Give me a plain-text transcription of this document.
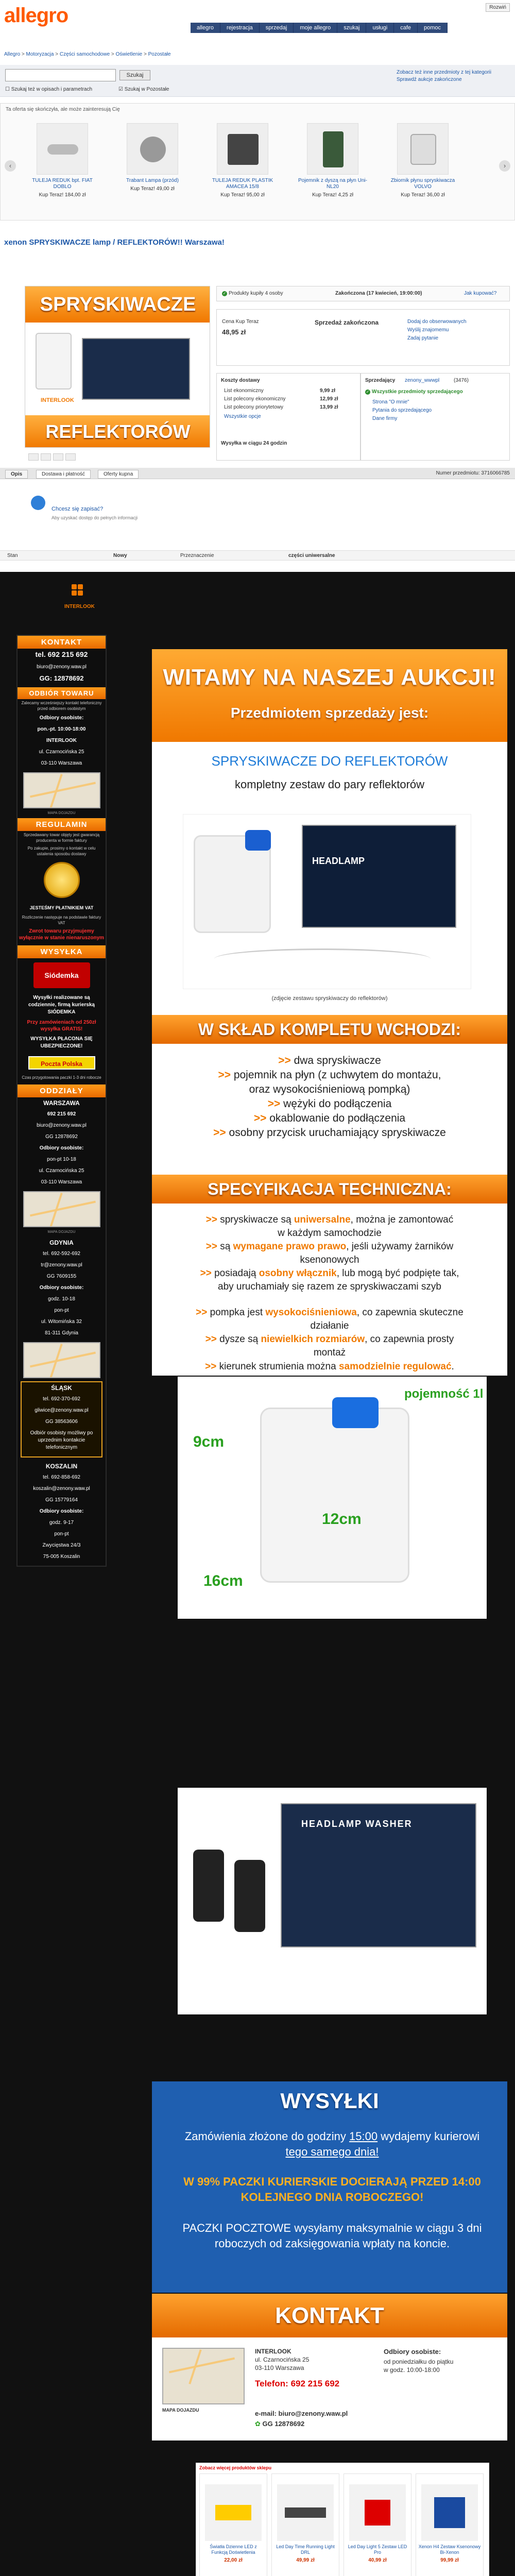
allegro	Rozwiń
allegro	rejestracja	sprzedaj	moje allegro	szukaj	usługi	cafe	pomoc
Allegro > Motoryzacja > Części samochodowe > Oświetlenie > Pozostałe
Szukaj
☐ Szukaj też w opisach i parametrach	☑ Szukaj w Pozostałe
Zobacz też inne przedmioty z tej kategorii
Sprawdź aukcje zakończone
Ta oferta się skończyła, ale może zainteresują Cię
‹	›
TULEJA REDUK bpt. FIAT DOBLO
Kup Teraz! 184,00 zł
Trabant Lampa (przód)
Kup Teraz! 49,00 zł
TULEJA REDUK PLASTIK AMACEA 15/8
Kup Teraz! 95,00 zł
Pojemnik z dyszą na płyn Uni-NL20
Kup Teraz! 4,25 zł
Zbiornik płynu spryskiwacza VOLVO
Kup Teraz! 36,00 zł
xenon SPRYSKIWACZE lamp / REFLEKTORÓW!! Warszawa!
SPRYSKIWACZE
INTERLOOK
REFLEKTORÓW
✓ Produkty kupiły 4 osoby	Zakończona (17 kwiecień, 19:00:00)	Jak kupować?
Cena Kup Teraz
48,95 zł
Sprzedaż zakończona	Dodaj do obserwowanych
Wyślij znajomemu
Zadaj pytanie
Koszty dostawy
List ekonomiczny	9,99 zł
List polecony ekonomiczny	12,99 zł
List polecony priorytetowy	13,99 zł
Wszystkie opcje
Wysyłka w ciągu 24 godzin
Sprzedający zenony_wwwpl	(3476)
✓ Wszystkie przedmioty sprzedającego
Strona "O mnie"
Pytania do sprzedającego
Dane firmy
Opis	Dostawa i płatność	Oferty kupna	Numer przedmiotu: 3716066785
Chcesz się zapisać?
Aby uzyskać dostęp do pełnych informacji
Stan	Nowy	Przeznaczenie	części uniwersalne
INTERLOOK
KONTAKT
tel. 692 215 692
biuro@zenony.waw.pl
GG: 12878692
ODBIÓR TOWARU
Zalecamy wcześniejszy kontakt telefoniczny przed odbiorem osobistym
Odbiory osobiste:
pon.-pt. 10:00-18:00
INTERLOOK
ul. Czarnocińska 25
03-110 Warszawa
MAPA DOJAZDU
REGULAMIN
Sprzedawany towar objęty jest gwarancją producenta w formie faktury
Po zakupie, prosimy o kontakt w celu ustalenia sposobu dostawy
JESTEŚMY PŁATNIKIEM VAT
Rozliczenie następuje na podstawie faktury VAT
Zwrot towaru przyjmujemy wyłącznie w stanie nienaruszonym
WYSYŁKA
Siódemka
Wysyłki realizowane są codziennie, firmą kurierską SIÓDEMKA
Przy zamówieniach od 250zł wysyłka GRATIS!
WYSYŁKA PŁACONA SIĘ UBEZPIECZONE!
Poczta Polska
Czas przygotowania paczki 1-3 dni robocze
ODDZIAŁY
WARSZAWA
692 215 692
biuro@zenony.waw.pl
GG 12878692
Odbiory osobiste:
pon-pt 10-18
ul. Czarnocińska 25
03-110 Warszawa
MAPA DOJAZDU
GDYNIA
tel. 692-592-692
tr@zenony.waw.pl
GG 7609155
Odbiory osobiste:
godz. 10-18
pon-pt
ul. Witomińska 32
81-311 Gdynia
ŚLĄSK
tel. 692-370-692
gliwice@zenony.waw.pl
GG 38563606
Odbiór osobisty możliwy po uprzednim kontakcie telefonicznym
KOSZALIN
tel. 692-858-692
koszalin@zenony.waw.pl
GG 15779164
Odbiory osobiste:
godz. 9-17
pon-pt
Zwycięstwa 24/3
75-005 Koszalin
WITAMY NA NASZEJ AUKCJI!
Przedmiotem sprzedaży jest:
SPRYSKIWACZE DO REFLEKTORÓW
kompletny zestaw do pary reflektorów
HEADLAMP
(zdjęcie zestawu spryskiwaczy do reflektorów)
W SKŁAD KOMPLETU WCHODZI:
>> dwa spryskiwacze
>> pojemnik na płyn (z uchwytem do montażu,
oraz wysokociśnieniową pompką)
>> wężyki do podłączenia
>> okablowanie do podłączenia
>> osobny przycisk uruchamiający spryskiwacze
SPECYFIKACJA TECHNICZNA:
>> spryskiwacze są uniwersalne, można je zamontować
w każdym samochodzie
>> są wymagane prawo prawo, jeśli używamy żarników
ksenonowych
>> posiadają osobny włącznik, lub mogą być podpięte tak,
aby uruchamiały się razem ze spryskiwaczami szyb
>> pompka jest wysokociśnieniowa, co zapewnia skuteczne
działanie
>> dysze są niewielkich rozmiarów, co zapewnia prosty
montaż
>> kierunek strumienia można samodzielnie regulować.
9cm
12cm
16cm
pojemność 1l
HEADLAMP WASHER
WYSYŁKI
Zamówienia złożone do godziny 15:00 wydajemy kurierowi
tego samego dnia!
W 99% PACZKI KURIERSKIE DOCIERAJĄ PRZED 14:00
KOLEJNEGO DNIA ROBOCZEGO!
PACZKI POCZTOWE wysyłamy maksymalnie w ciągu 3 dni
roboczych od zaksięgowania wpłaty na koncie.
KONTAKT
MAPA DOJAZDU
INTERLOOK
ul. Czarnocińska 25
03-110 Warszawa
Telefon: 692 215 692
Odbiory osobiste:
od poniedziałku do piątku
w godz. 10:00-18:00
e-mail: biuro@zenony.waw.pl
✿ GG 12878692
Zobacz więcej produktów sklepu
Światła Dzienne LED z Funkcją Doświetlenia
22,00 zł
Led Day Time Running Light DRL
49,99 zł
Led Day Light 5 Zestaw LED Pro
40,99 zł
Xenon H4 Zestaw Ksenonowy Bi-Xenon
99,99 zł
